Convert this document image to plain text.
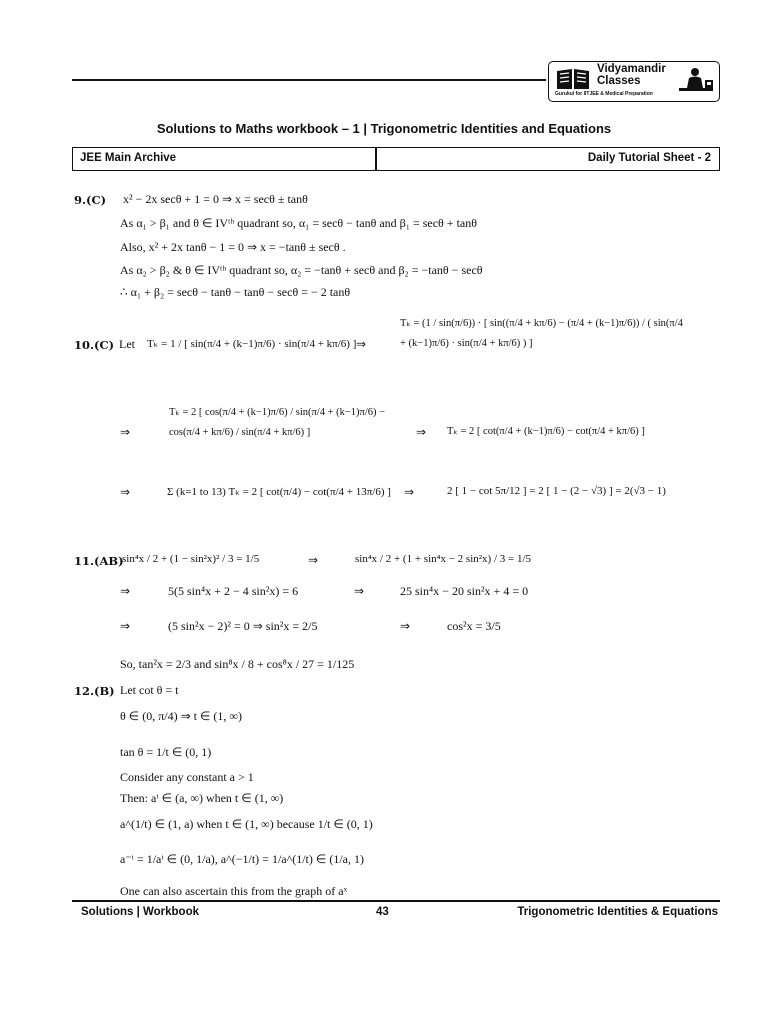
Vidyamandir Classes
Gurukul for IITJEE & Medical Preparation
Solutions to Maths workbook – 1 | Trigonometric Identities and Equations
JEE Main Archive	Daily Tutorial Sheet - 2
9.(C) x² − 2x secθ + 1 = 0 ⇒ x = secθ ± tanθ
As α₁ > β₁ and θ ∈ IVᵗʰ quadrant so, α₁ = secθ − tanθ and β₁ = secθ + tanθ
Also, x² + 2x tanθ − 1 = 0 ⇒ x = −tanθ ± secθ .
As α₂ > β₂ & θ ∈ IVᵗʰ quadrant so, α₂ = −tanθ + secθ and β₂ = −tanθ − secθ
∴ α₁ + β₂ = secθ − tanθ − tanθ − secθ = − 2 tanθ
10.(C) Let Tₖ = 1 / [ sin(π/4 + (k−1)π/6) · sin(π/4 + kπ/6) ] ⇒
Tₖ = (1 / sin(π/6)) · [ sin((π/4 + kπ/6) − (π/4 + (k−1)π/6)) / ( sin(π/4 + (k−1)π/6) · sin(π/4 + kπ/6) ) ]
⇒
Tₖ = 2 [ cos(π/4 + (k−1)π/6) / sin(π/4 + (k−1)π/6) − cos(π/4 + kπ/6) / sin(π/4 + kπ/6) ]	⇒ Tₖ = 2 [ cot(π/4 + (k−1)π/6) − cot(π/4 + kπ/6) ]
⇒	Σ (k=1 to 13) Tₖ = 2 [ cot(π/4) − cot(π/4 + 13π/6) ] ⇒	2 [ 1 − cot 5π/12 ] = 2 [ 1 − (2 − √3) ] = 2(√3 − 1)
11.(AB)
sin⁴x / 2 + (1 − sin²x)² / 3 = 1/5	⇒	sin⁴x / 2 + (1 + sin⁴x − 2 sin²x) / 3 = 1/5
⇒	5(5 sin⁴x + 2 − 4 sin²x) = 6	⇒	25 sin⁴x − 20 sin²x + 4 = 0
⇒	(5 sin²x − 2)² = 0 ⇒ sin²x = 2/5	⇒	cos²x = 3/5
So, tan²x = 2/3 and sin⁸x / 8 + cos⁸x / 27 = 1/125
12.(B) Let cot θ = t
θ ∈ (0, π/4) ⇒ t ∈ (1, ∞)
tan θ = 1/t ∈ (0, 1)
Consider any constant a > 1
Then: aᵗ ∈ (a, ∞) when t ∈ (1, ∞)
a^(1/t) ∈ (1, a) when t ∈ (1, ∞) because 1/t ∈ (0, 1)
a⁻ᵗ = 1/aᵗ ∈ (0, 1/a), a^(−1/t) = 1/a^(1/t) ∈ (1/a, 1)
One can also ascertain this from the graph of aˣ
Solutions | Workbook	43	Trigonometric Identities & Equations
